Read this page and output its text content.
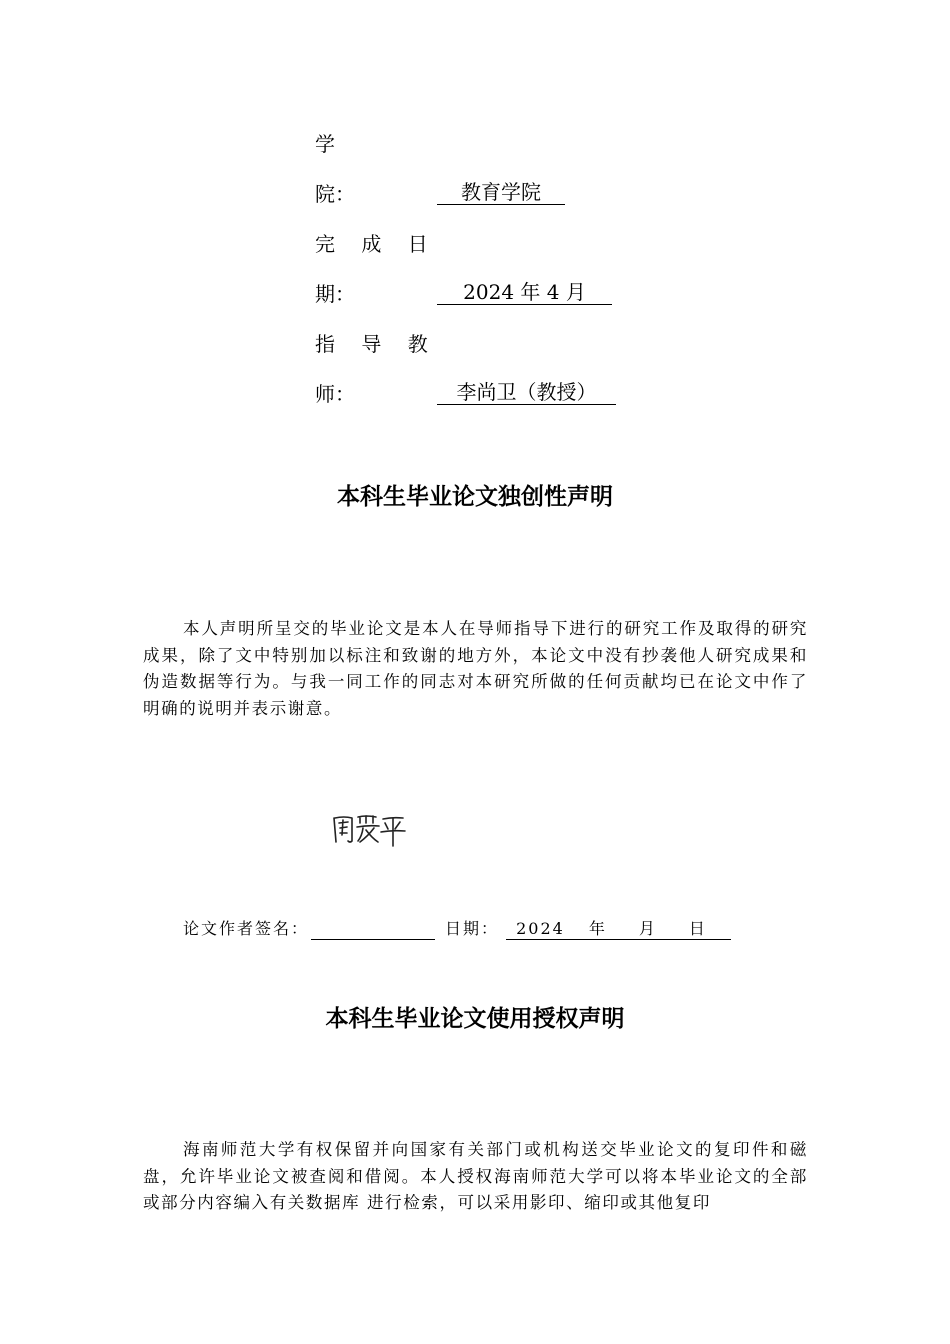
学
院：	教育学院
完 成 日
期：	2024 年 4 月
指 导 教
师：	李尚卫（教授）
本科生毕业论文独创性声明

本人声明所呈交的毕业论文是本人在导师指导下进行的研究工作及取得的研究成果，除了文中特别加以标注和致谢的地方外，本论文中没有抄袭他人研究成果和伪造数据等行为。与我一同工作的同志对本研究所做的任何贡献均已在论文中作了明确的说明并表示谢意。

论文作者签名：	日期： 2024 年 月 日
本科生毕业论文使用授权声明

海南师范大学有权保留并向国家有关部门或机构送交毕业论文的复印件和磁盘，允许毕业论文被查阅和借阅。本人授权海南师范大学可以将本毕业论文的全部或部分内容编入有关数据库 进行检索，可以采用影印、缩印或其他复印
